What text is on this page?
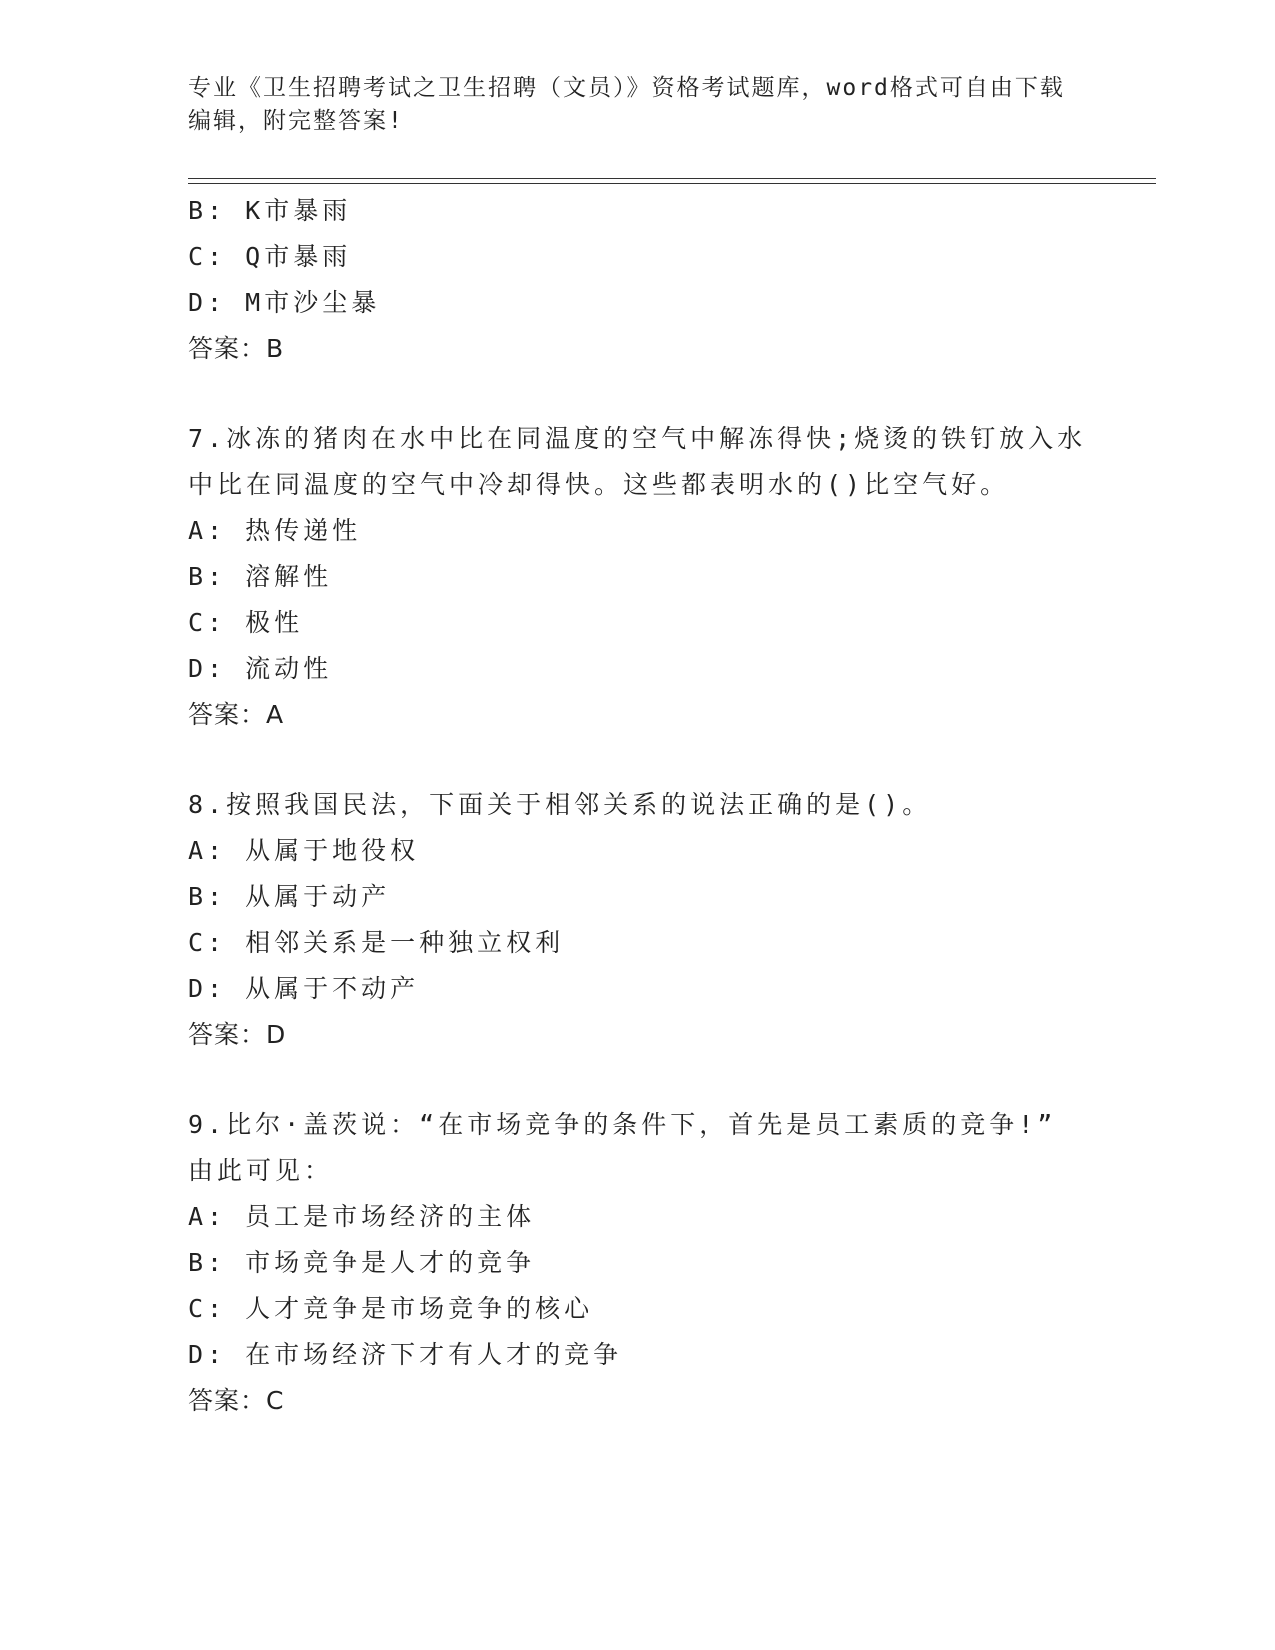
专业《卫生招聘考试之卫生招聘（文员）》资格考试题库，word格式可自由下载
编辑，附完整答案!
B: K市暴雨
C: Q市暴雨
D: M市沙尘暴
答案：B
7.冰冻的猪肉在水中比在同温度的空气中解冻得快;烧烫的铁钉放入水
中比在同温度的空气中冷却得快。这些都表明水的()比空气好。
A: 热传递性
B: 溶解性
C: 极性
D: 流动性
答案：A
8.按照我国民法，下面关于相邻关系的说法正确的是()。
A: 从属于地役权
B: 从属于动产
C: 相邻关系是一种独立权利
D: 从属于不动产
答案：D
9.比尔·盖茨说：“在市场竞争的条件下，首先是员工素质的竞争!”
由此可见：
A: 员工是市场经济的主体
B: 市场竞争是人才的竞争
C: 人才竞争是市场竞争的核心
D: 在市场经济下才有人才的竞争
答案：C
